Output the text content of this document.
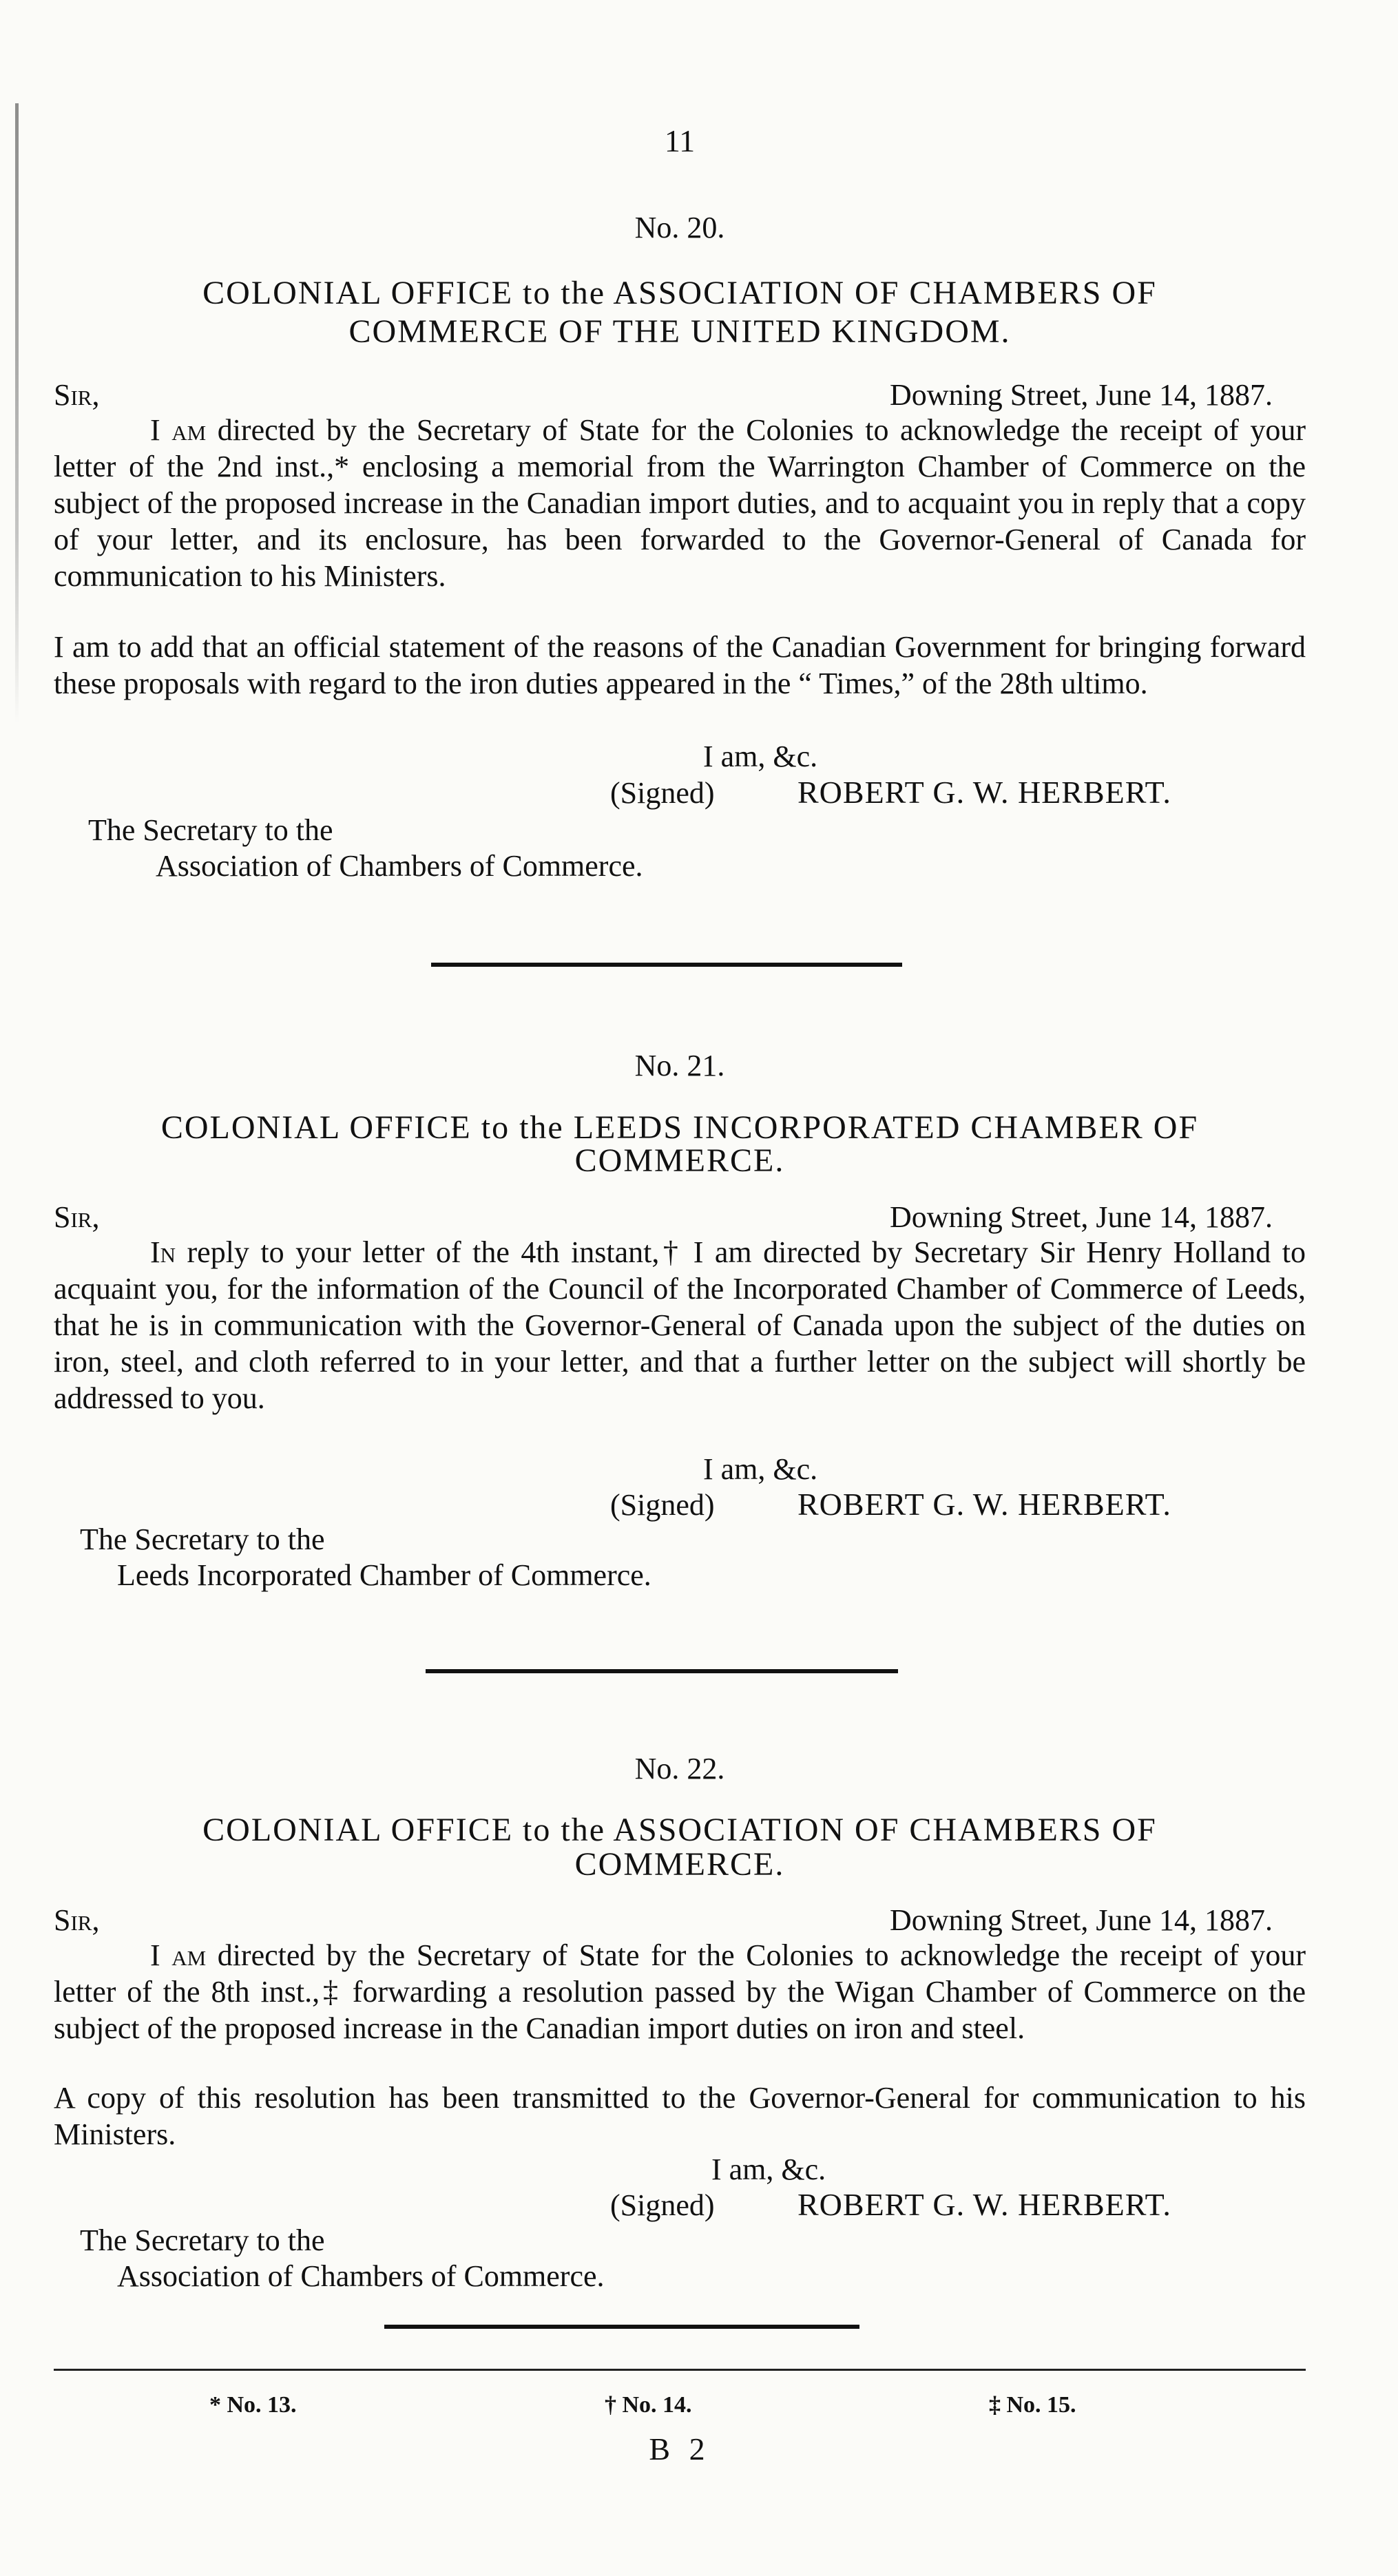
11
No. 20.
COLONIAL OFFICE to the ASSOCIATION OF CHAMBERS OF
COMMERCE OF THE UNITED KINGDOM.
Sir,	Downing Street, June 14, 1887.

I am directed by the Secretary of State for the Colonies to acknowledge the receipt of your letter of the 2nd inst.,* enclosing a memorial from the Warrington Chamber of Commerce on the subject of the proposed increase in the Canadian import duties, and to acquaint you in reply that a copy of your letter, and its enclosure, has been forwarded to the Governor-General of Canada for communication to his Ministers.

I am to add that an official statement of the reasons of the Canadian Government for bringing forward these proposals with regard to the iron duties appeared in the “ Times,” of the 28th ultimo.

I am, &c.
(Signed)	ROBERT G. W. HERBERT.
The Secretary to the
Association of Chambers of Commerce.
No. 21.
COLONIAL OFFICE to the LEEDS INCORPORATED CHAMBER OF
COMMERCE.
Sir,	Downing Street, June 14, 1887.

In reply to your letter of the 4th instant,† I am directed by Secretary Sir Henry Holland to acquaint you, for the information of the Council of the Incorporated Chamber of Commerce of Leeds, that he is in communication with the Governor-General of Canada upon the subject of the duties on iron, steel, and cloth referred to in your letter, and that a further letter on the subject will shortly be addressed to you.

I am, &c.
(Signed)	ROBERT G. W. HERBERT.
The Secretary to the
Leeds Incorporated Chamber of Commerce.
No. 22.
COLONIAL OFFICE to the ASSOCIATION OF CHAMBERS OF
COMMERCE.
Sir,	Downing Street, June 14, 1887.

I am directed by the Secretary of State for the Colonies to acknowledge the receipt of your letter of the 8th inst.,‡ forwarding a resolution passed by the Wigan Chamber of Commerce on the subject of the proposed increase in the Canadian import duties on iron and steel.

A copy of this resolution has been transmitted to the Governor-General for communication to his Ministers.

I am, &c.
(Signed)	ROBERT G. W. HERBERT.
The Secretary to the
Association of Chambers of Commerce.
* No. 13.	† No. 14.	‡ No. 15.
B 2
